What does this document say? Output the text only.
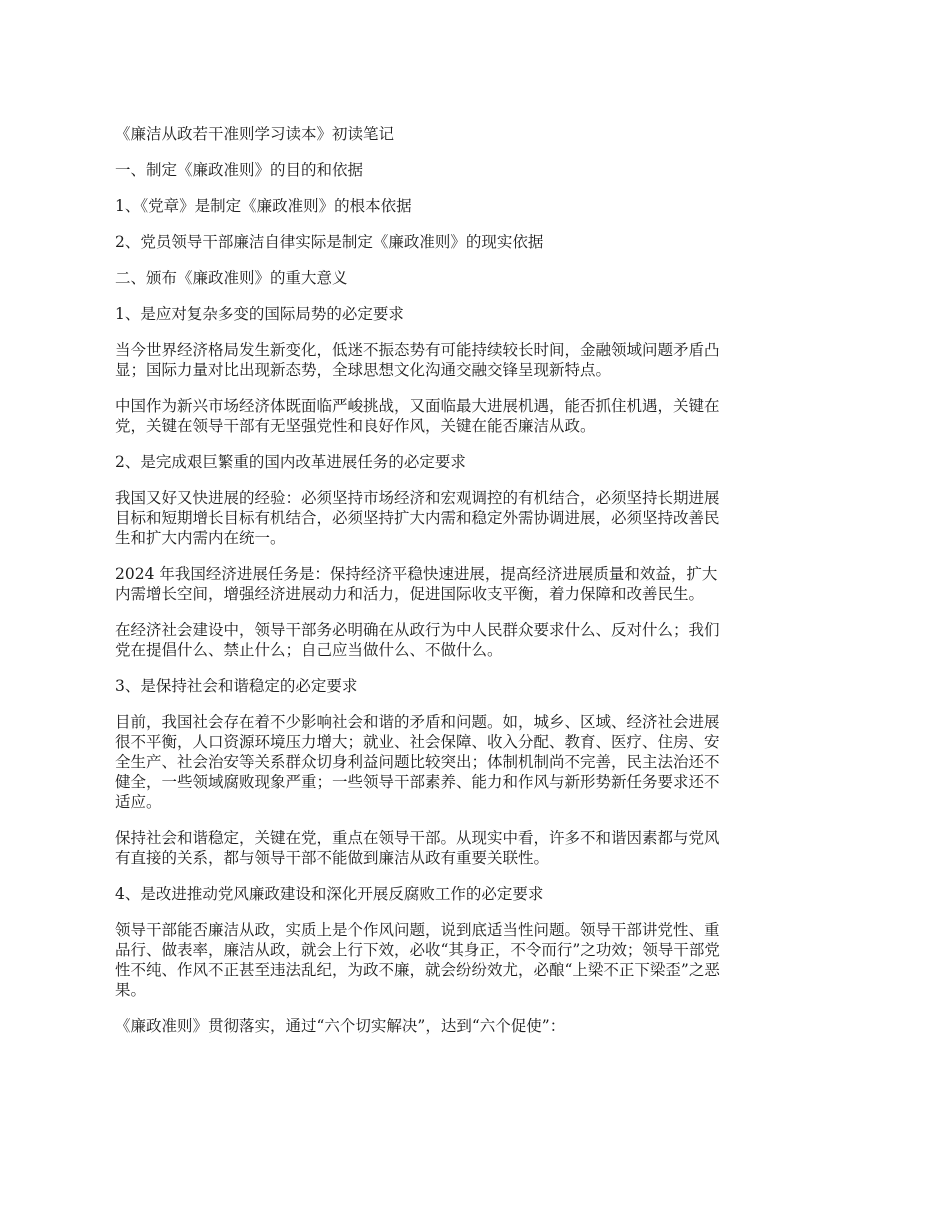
《廉洁从政若干准则学习读本》初读笔记
一、制定《廉政准则》的目的和依据
1、《党章》是制定《廉政准则》的根本依据
2、党员领导干部廉洁自律实际是制定《廉政准则》的现实依据
二、颁布《廉政准则》的重大意义
1、是应对复杂多变的国际局势的必定要求
当今世界经济格局发生新变化，低迷不振态势有可能持续较长时间，金融领域问题矛盾凸
显；国际力量对比出现新态势，全球思想文化沟通交融交锋呈现新特点。
中国作为新兴市场经济体既面临严峻挑战，又面临最大进展机遇，能否抓住机遇，关键在
党，关键在领导干部有无坚强党性和良好作风，关键在能否廉洁从政。
2、是完成艰巨繁重的国内改革进展任务的必定要求
我国又好又快进展的经验：必须坚持市场经济和宏观调控的有机结合，必须坚持长期进展
目标和短期增长目标有机结合，必须坚持扩大内需和稳定外需协调进展，必须坚持改善民
生和扩大内需内在统一。
2024 年我国经济进展任务是：保持经济平稳快速进展，提高经济进展质量和效益，扩大
内需增长空间，增强经济进展动力和活力，促进国际收支平衡，着力保障和改善民生。
在经济社会建设中，领导干部务必明确在从政行为中人民群众要求什么、反对什么；我们
党在提倡什么、禁止什么；自己应当做什么、不做什么。
3、是保持社会和谐稳定的必定要求
目前，我国社会存在着不少影响社会和谐的矛盾和问题。如，城乡、区域、经济社会进展
很不平衡，人口资源环境压力增大；就业、社会保障、收入分配、教育、医疗、住房、安
全生产、社会治安等关系群众切身利益问题比较突出；体制机制尚不完善，民主法治还不
健全，一些领域腐败现象严重；一些领导干部素养、能力和作风与新形势新任务要求还不
适应。
保持社会和谐稳定，关键在党，重点在领导干部。从现实中看，许多不和谐因素都与党风
有直接的关系，都与领导干部不能做到廉洁从政有重要关联性。
4、是改进推动党风廉政建设和深化开展反腐败工作的必定要求
领导干部能否廉洁从政，实质上是个作风问题，说到底适当性问题。领导干部讲党性、重
品行、做表率，廉洁从政，就会上行下效，必收“其身正，不令而行”之功效；领导干部党
性不纯、作风不正甚至违法乱纪，为政不廉，就会纷纷效尤，必酿“上梁不正下梁歪”之恶
果。
《廉政准则》贯彻落实，通过“六个切实解决”，达到“六个促使”：
